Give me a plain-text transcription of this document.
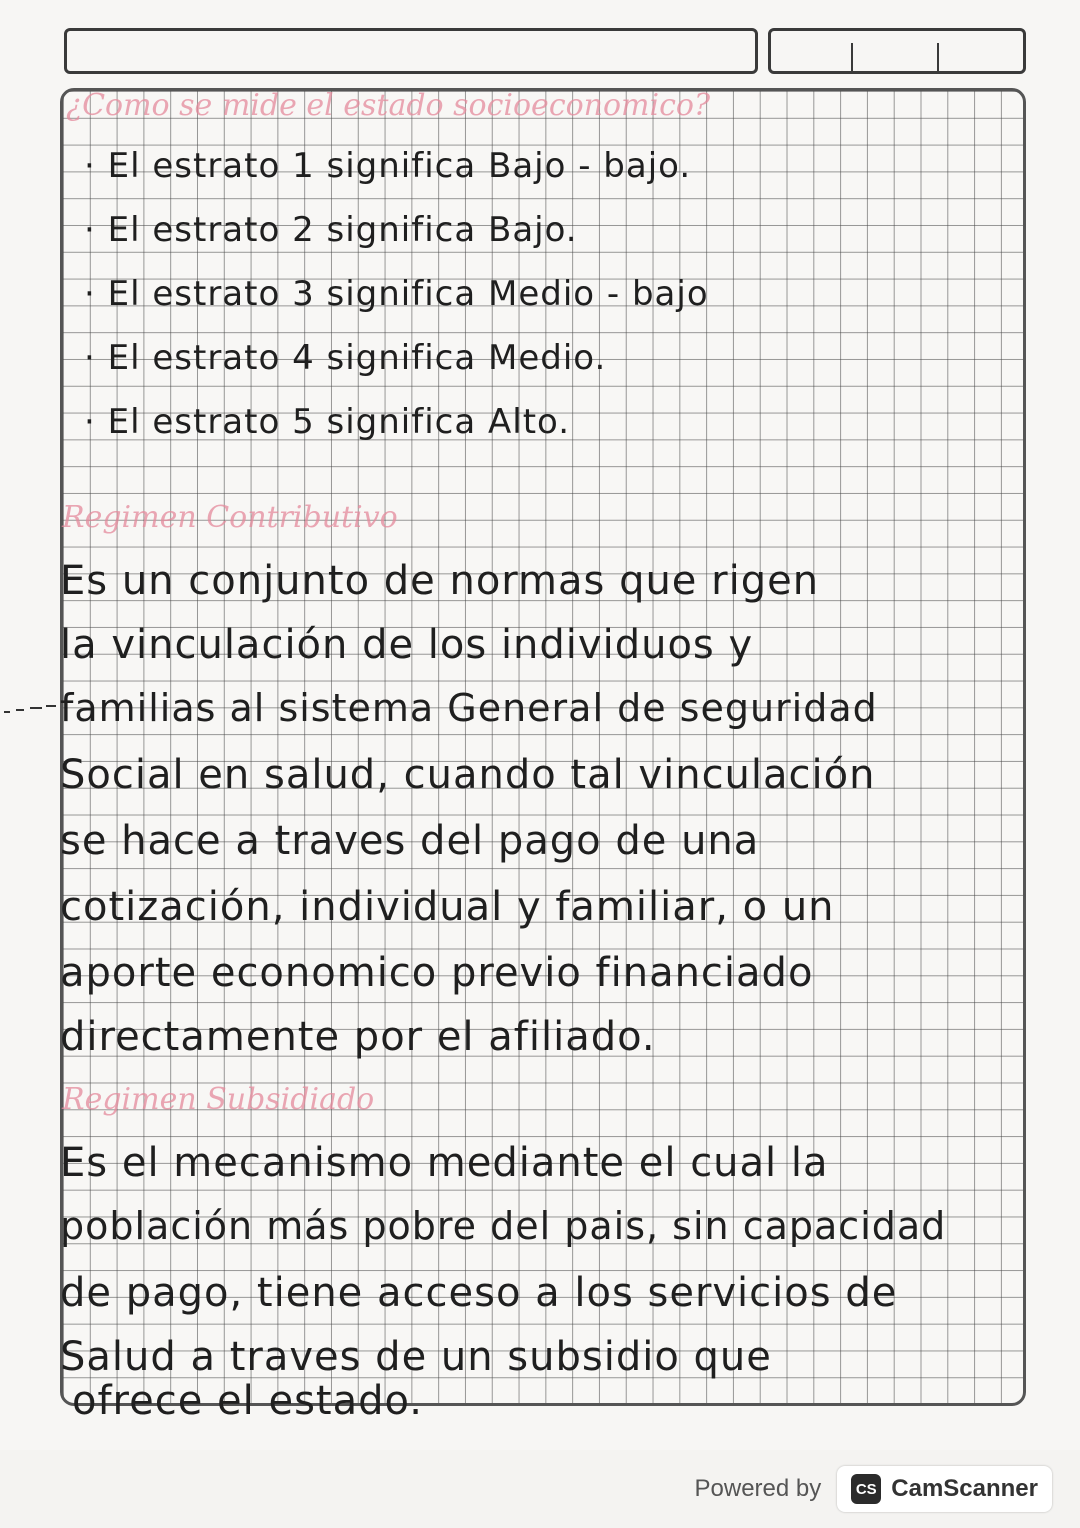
¿Como se mide el estado socioeconomico?
· El estrato 1 significa Bajo - bajo.
· El estrato 2 significa Bajo.
· El estrato 3 significa Medio - bajo
· El estrato 4 significa Medio.
· El estrato 5 significa Alto.
Regimen Contributivo
Es un conjunto de normas que rigen
la vinculación de los individuos y
familias al sistema General de seguridad
Social en salud, cuando tal vinculación
se hace a traves del pago de una
cotización, individual y familiar, o un
aporte economico previo financiado
directamente por el afiliado.
Regimen Subsidiado
Es el mecanismo mediante el cual la
población más pobre del pais, sin capacidad
de pago, tiene acceso a los servicios de
Salud a traves de un subsidio que
ofrece el estado.
Powered by	CS CamScanner
